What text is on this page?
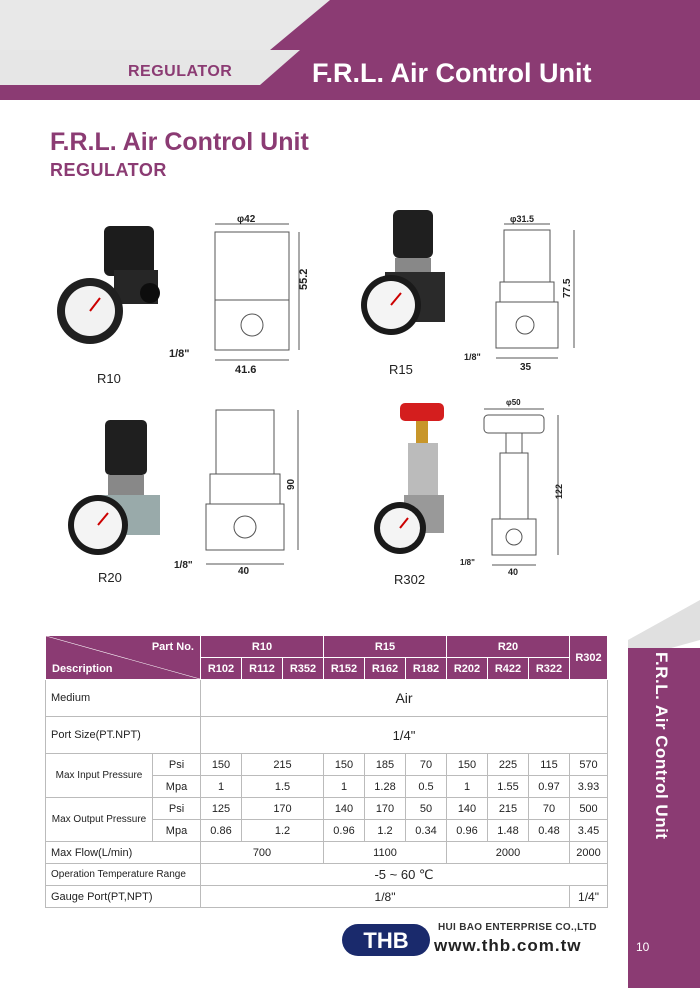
REGULATOR	F.R.L. Air Control Unit
F.R.L. Air Control Unit
REGULATOR
R10
φ42
55.2
41.6
1/8"
R15
φ31.5
77.5
35
1/8"
R20
90
40
1/8"
R302
φ50
122
40
1/8"
Part No.
Description		R10			R15			R20			R302
		R102	R112	R352	R152	R162	R182	R202	R422	R322	
Medium		Air									
Port Size(PT.NPT)		1/4"									
Max Input Pressure	Psi	150	215		150	185	70	150	225	115	570
	Mpa	1	1.5		1	1.28	0.5	1	1.55	0.97	3.93
Max Output Pressure	Psi	125	170		140	170	50	140	215	70	500
	Mpa	0.86	1.2		0.96	1.2	0.34	0.96	1.48	0.48	3.45
Max Flow(L/min)		700			1100			2000			2000
Operation Temperature Range		-5 ~ 60 ℃									
Gauge Port(PT,NPT)		1/8"									1/4"
F.R.L. Air Control Unit
10
THB
HUI BAO ENTERPRISE CO.,LTD
www.thb.com.tw
